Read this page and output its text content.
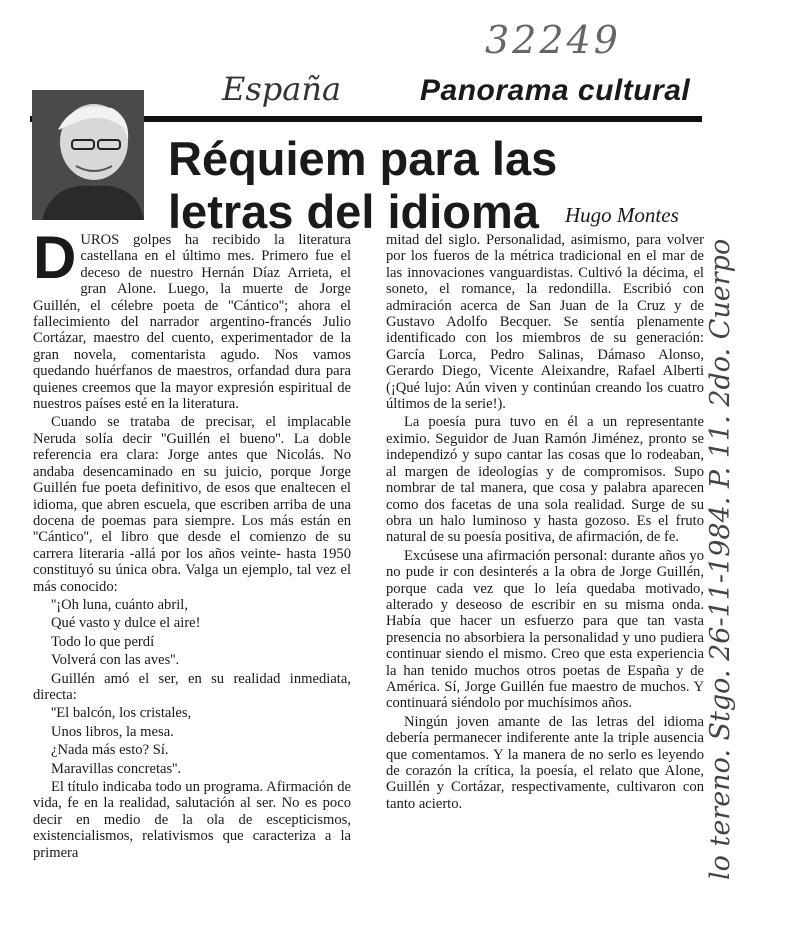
32249
España	Panorama cultural
Réquiem para las letras del idioma	Hugo Montes

DUROS golpes ha recibido la literatura castellana en el último mes. Primero fue el deceso de nuestro Hernán Díaz Arrieta, el gran Alone. Luego, la muerte de Jorge Guillén, el célebre poeta de ''Cántico''; ahora el fallecimiento del narrador argentino-francés Julio Cortázar, maestro del cuento, experimentador de la gran novela, comentarista agudo. Nos vamos quedando huérfanos de maestros, orfandad dura para quienes creemos que la mayor expresión espiritual de nuestros países esté en la literatura.

Cuando se trataba de precisar, el implacable Neruda solía decir ''Guillén el bueno''. La doble referencia era clara: Jorge antes que Nicolás. No andaba desencaminado en su juicio, porque Jorge Guillén fue poeta definitivo, de esos que enaltecen el idioma, que abren escuela, que escriben arriba de una docena de poemas para siempre. Los más están en ''Cántico'', el libro que desde el comienzo de su carrera literaria -allá por los años veinte- hasta 1950 constituyó su única obra. Valga un ejemplo, tal vez el más conocido:

''¡Oh luna, cuánto abril,

Qué vasto y dulce el aire!

Todo lo que perdí

Volverá con las aves''.

Guillén amó el ser, en su realidad inmediata, directa:

''El balcón, los cristales,

Unos libros, la mesa.

¿Nada más esto? Sí.

Maravillas concretas''.

El título indicaba todo un programa. Afirmación de vida, fe en la realidad, salutación al ser. No es poco decir en medio de la ola de escepticismos, existencialismos, relativismos que caracteriza a la primera

mitad del siglo. Personalidad, asimismo, para volver por los fueros de la métrica tradicional en el mar de las innovaciones vanguardistas. Cultivó la décima, el soneto, el romance, la redondilla. Escribió con admiración acerca de San Juan de la Cruz y de Gustavo Adolfo Becquer. Se sentía plenamente identificado con los miembros de su generación: García Lorca, Pedro Salinas, Dámaso Alonso, Gerardo Diego, Vicente Aleixandre, Rafael Alberti (¡Qué lujo: Aún viven y continúan creando los cuatro últimos de la serie!).

La poesía pura tuvo en él a un representante eximio. Seguidor de Juan Ramón Jiménez, pronto se independizó y supo cantar las cosas que lo rodeaban, al margen de ideologías y de compromisos. Supo nombrar de tal manera, que cosa y palabra aparecen como dos facetas de una sola realidad. Surge de su obra un halo luminoso y hasta gozoso. Es el fruto natural de su poesía positiva, de afirmación, de fe.

Excúsese una afirmación personal: durante años yo no pude ir con desinterés a la obra de Jorge Guillén, porque cada vez que lo leía quedaba motivado, alterado y deseoso de escribir en su misma onda. Había que hacer un esfuerzo para que tan vasta presencia no absorbiera la personalidad y uno pudiera continuar siendo el mismo. Creo que esta experiencia la han tenido muchos otros poetas de España y de América. Sí, Jorge Guillén fue maestro de muchos. Y continuará siéndolo por muchísimos años.

Ningún joven amante de las letras del idioma debería permanecer indiferente ante la triple ausencia que comentamos. Y la manera de no serlo es leyendo de corazón la crítica, la poesía, el relato que Alone, Guillén y Cortázar, respectivamente, cultivaron con tanto acierto.	lo tereno. Stgo. 26-11-1984. P. 11. 2do. Cuerpo
